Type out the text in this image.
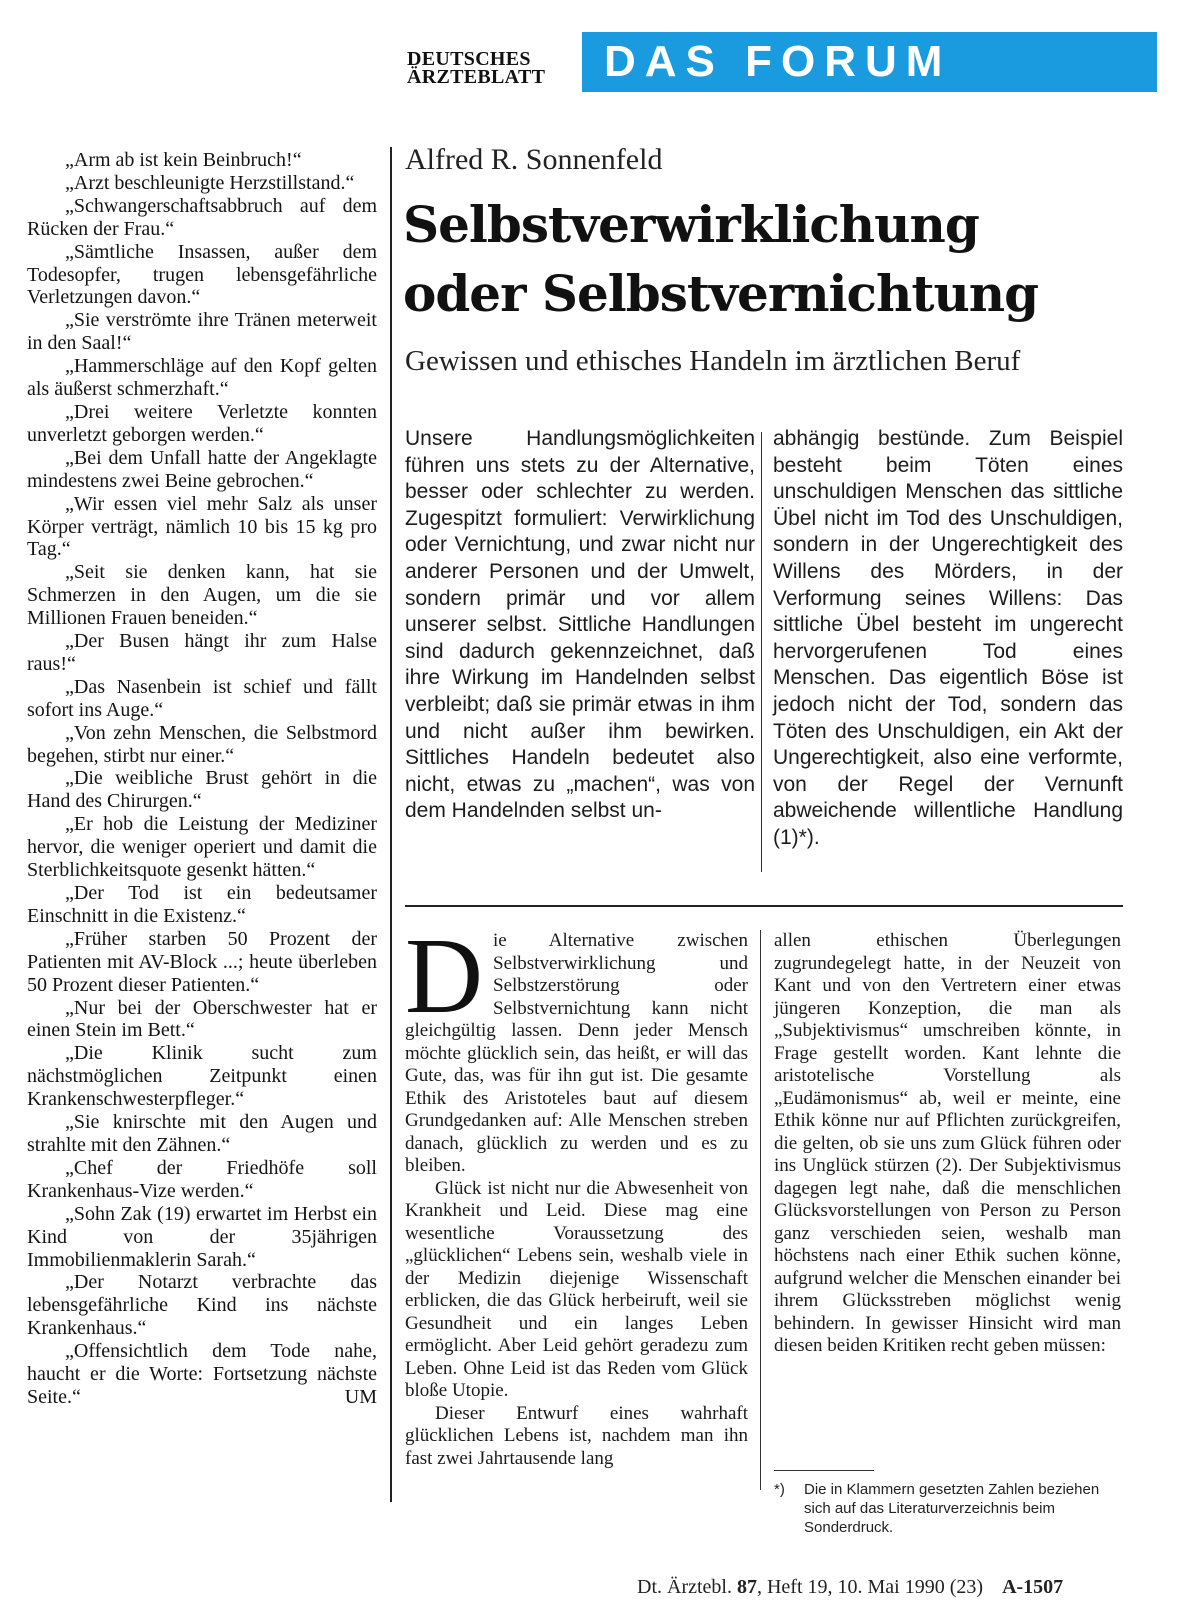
DEUTSCHES
ÄRZTEBLATT	DAS FORUM

„Arm ab ist kein Beinbruch!“

„Arzt beschleunigte Herzstillstand.“

„Schwangerschaftsabbruch auf dem Rücken der Frau.“

„Sämtliche Insassen, außer dem Todesopfer, trugen lebensgefährliche Verletzungen davon.“

„Sie verströmte ihre Tränen meterweit in den Saal!“

„Hammerschläge auf den Kopf gelten als äußerst schmerzhaft.“

„Drei weitere Verletzte konnten unverletzt geborgen werden.“

„Bei dem Unfall hatte der Angeklagte mindestens zwei Beine gebrochen.“

„Wir essen viel mehr Salz als unser Körper verträgt, nämlich 10 bis 15 kg pro Tag.“

„Seit sie denken kann, hat sie Schmerzen in den Augen, um die sie Millionen Frauen beneiden.“

„Der Busen hängt ihr zum Halse raus!“

„Das Nasenbein ist schief und fällt sofort ins Auge.“

„Von zehn Menschen, die Selbstmord begehen, stirbt nur einer.“

„Die weibliche Brust gehört in die Hand des Chirurgen.“

„Er hob die Leistung der Mediziner hervor, die weniger operiert und damit die Sterblichkeitsquote gesenkt hätten.“

„Der Tod ist ein bedeutsamer Einschnitt in die Existenz.“

„Früher starben 50 Prozent der Patienten mit AV-Block ...; heute überleben 50 Prozent dieser Patienten.“

„Nur bei der Oberschwester hat er einen Stein im Bett.“

„Die Klinik sucht zum nächstmöglichen Zeitpunkt einen Krankenschwesterpfleger.“

„Sie knirschte mit den Augen und strahlte mit den Zähnen.“

„Chef der Friedhöfe soll Krankenhaus-Vize werden.“

„Sohn Zak (19) erwartet im Herbst ein Kind von der 35jährigen Immobilienmaklerin Sarah.“

„Der Notarzt verbrachte das lebensgefährliche Kind ins nächste Krankenhaus.“

„Offensichtlich dem Tode nahe, haucht er die Worte: Fortsetzung nächste Seite.“	UM
Alfred R. Sonnenfeld
Selbstverwirklichung
oder Selbstvernichtung
Gewissen und ethisches Handeln im ärztlichen Beruf
Unsere Handlungsmöglichkeiten führen uns stets zu der Alternative, besser oder schlechter zu werden. Zugespitzt formuliert: Verwirklichung oder Vernichtung, und zwar nicht nur anderer Personen und der Umwelt, sondern primär und vor allem unserer selbst. Sittliche Handlungen sind dadurch gekennzeichnet, daß ihre Wirkung im Handelnden selbst verbleibt; daß sie primär etwas in ihm und nicht außer ihm bewirken. Sittliches Handeln bedeutet also nicht, etwas zu „machen“, was von dem Handelnden selbst un-
abhängig bestünde. Zum Beispiel besteht beim Töten eines unschuldigen Menschen das sittliche Übel nicht im Tod des Unschuldigen, sondern in der Ungerechtigkeit des Willens des Mörders, in der Verformung seines Willens: Das sittliche Übel besteht im ungerecht hervorgerufenen Tod eines Menschen. Das eigentlich Böse ist jedoch nicht der Tod, sondern das Töten des Unschuldigen, ein Akt der Ungerechtigkeit, also eine verformte, von der Regel der Vernunft abweichende willentliche Handlung (1)*).

Die Alternative zwischen Selbstverwirklichung und Selbstzerstörung oder Selbstvernichtung kann nicht gleichgültig lassen. Denn jeder Mensch möchte glücklich sein, das heißt, er will das Gute, das, was für ihn gut ist. Die gesamte Ethik des Aristoteles baut auf diesem Grundgedanken auf: Alle Menschen streben danach, glücklich zu werden und es zu bleiben.

Glück ist nicht nur die Abwesenheit von Krankheit und Leid. Diese mag eine wesentliche Voraussetzung des „glücklichen“ Lebens sein, weshalb viele in der Medizin diejenige Wissenschaft erblicken, die das Glück herbeiruft, weil sie Gesundheit und ein langes Leben ermöglicht. Aber Leid gehört geradezu zum Leben. Ohne Leid ist das Reden vom Glück bloße Utopie.

Dieser Entwurf eines wahrhaft glücklichen Lebens ist, nachdem man ihn fast zwei Jahrtausende lang

allen ethischen Überlegungen zugrundegelegt hatte, in der Neuzeit von Kant und von den Vertretern einer etwas jüngeren Konzeption, die man als „Subjektivismus“ umschreiben könnte, in Frage gestellt worden. Kant lehnte die aristotelische Vorstellung als „Eudämonismus“ ab, weil er meinte, eine Ethik könne nur auf Pflichten zurückgreifen, die gelten, ob sie uns zum Glück führen oder ins Unglück stürzen (2). Der Subjektivismus dagegen legt nahe, daß die menschlichen Glücksvorstellungen von Person zu Person ganz verschieden seien, weshalb man höchstens nach einer Ethik suchen könne, aufgrund welcher die Menschen einander bei ihrem Glücksstreben möglichst wenig behindern. In gewisser Hinsicht wird man diesen beiden Kritiken recht geben müssen:

*)	Die in Klammern gesetzten Zahlen beziehen sich auf das Literaturverzeichnis beim Sonderdruck.
Dt. Ärztebl. 87, Heft 19, 10. Mai 1990 (23) A-1507
